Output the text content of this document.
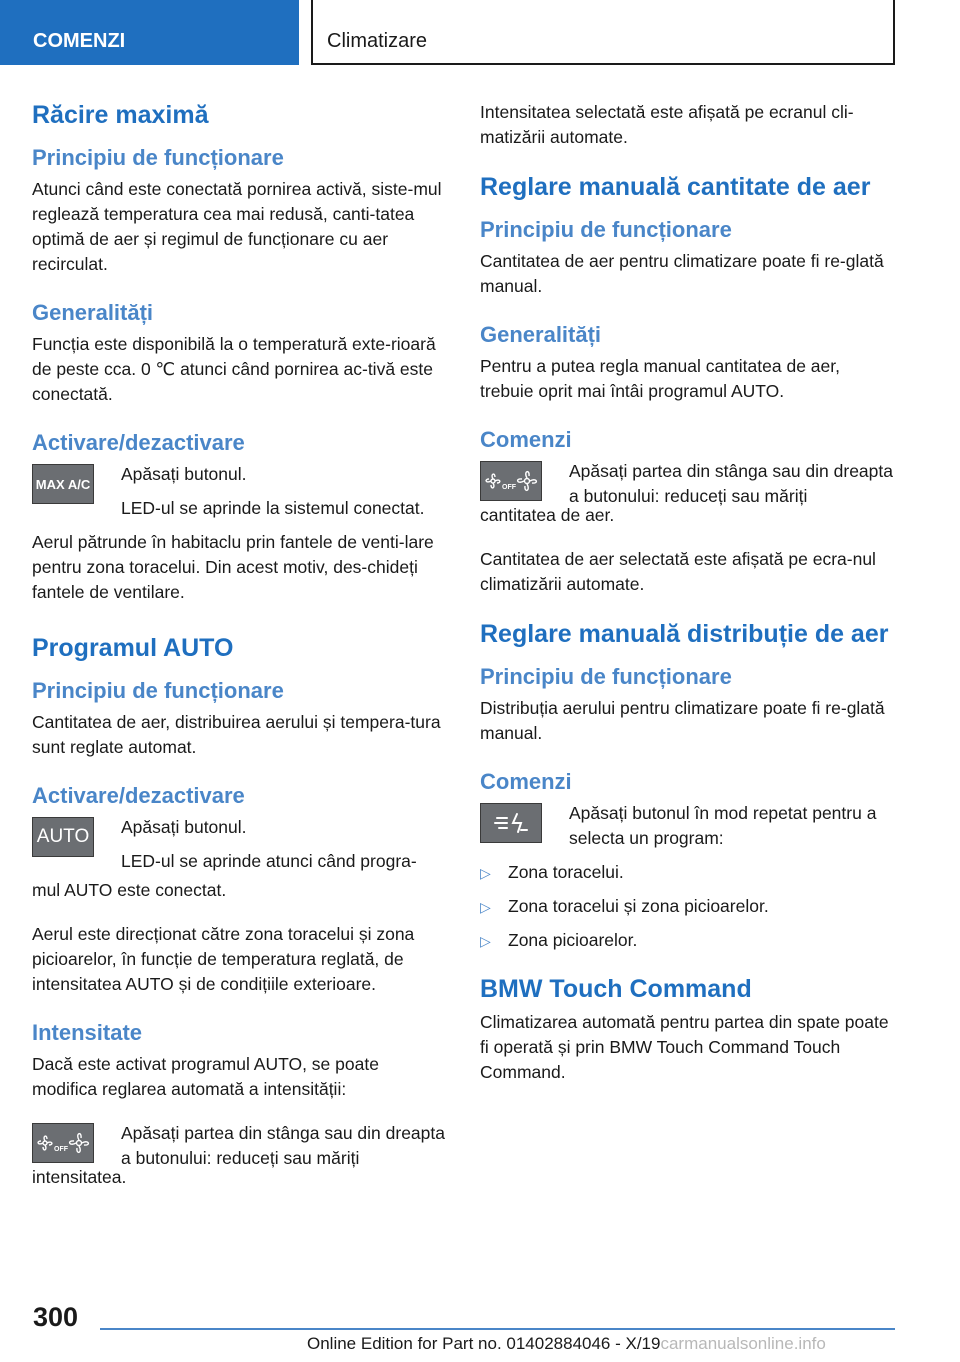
COMENZI	Climatizare
Răcire maximă
Principiu de funcționare
Atunci când este conectată pornirea activă, siste-mul reglează temperatura cea mai redusă, canti-tatea optimă de aer și regimul de funcționare cu aer recirculat.
Generalități
Funcția este disponibilă la o temperatură exte-rioară de peste cca. 0 ℃ atunci când pornirea ac-tivă este conectată.
Activare/dezactivare
MAX A/C Apăsați butonul.
LED-ul se aprinde la sistemul conectat.
Aerul pătrunde în habitaclu prin fantele de venti-lare pentru zona toracelui. Din acest motiv, des-chideți fantele de ventilare.
Programul AUTO
Principiu de funcționare
Cantitatea de aer, distribuirea aerului și tempera-tura sunt reglate automat.
Activare/dezactivare
AUTO Apăsați butonul.
LED-ul se aprinde atunci când progra-
mul AUTO este conectat.
Aerul este direcționat către zona toracelui și zona picioarelor, în funcție de temperatura reglată, de intensitatea AUTO și de condițiile exterioare.
Intensitate
Dacă este activat programul AUTO, se poate modifica reglarea automată a intensității:
OFF
Apăsați partea din stânga sau din dreapta a butonului: reduceți sau măriți
intensitatea.
Intensitatea selectată este afișată pe ecranul cli-matizării automate.
Reglare manuală cantitate de aer
Principiu de funcționare
Cantitatea de aer pentru climatizare poate fi re-glată manual.
Generalități
Pentru a putea regla manual cantitatea de aer, trebuie oprit mai întâi programul AUTO.
Comenzi
OFF
Apăsați partea din stânga sau din dreapta a butonului: reduceți sau măriți
cantitatea de aer.
Cantitatea de aer selectată este afișată pe ecra-nul climatizării automate.
Reglare manuală distribuție de aer
Principiu de funcționare
Distribuția aerului pentru climatizare poate fi re-glată manual.
Comenzi
Apăsați butonul în mod repetat pentru a selecta un program:
▷ Zona toracelui.
▷ Zona toracelui și zona picioarelor.
▷ Zona picioarelor.
BMW Touch Command
Climatizarea automată pentru partea din spate poate fi operată și prin BMW Touch Command Touch Command.
300
Online Edition for Part no. 01402884046 - X/19carmanualsonline.info
